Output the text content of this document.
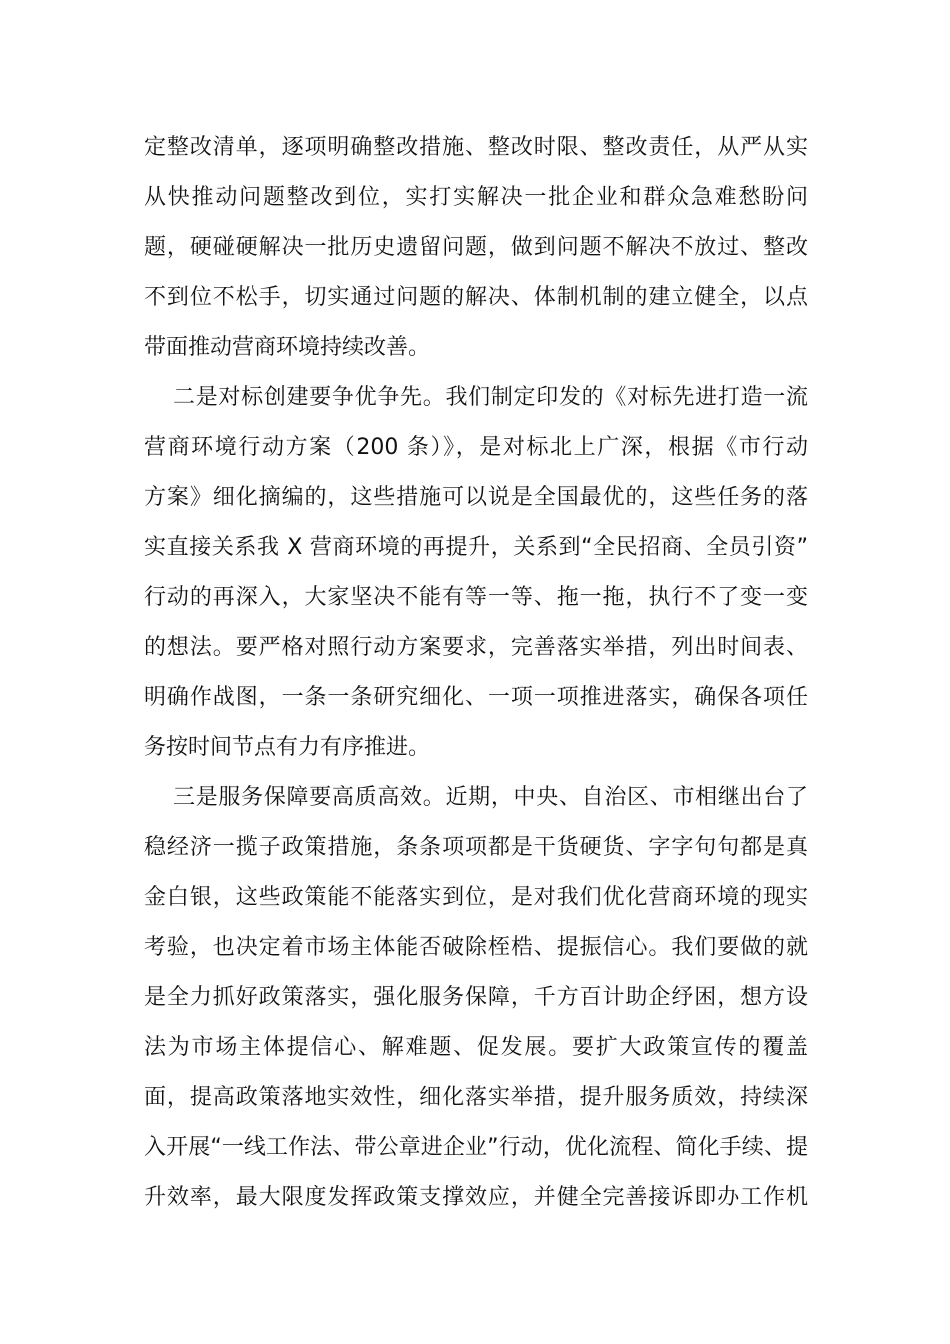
定整改清单，逐项明确整改措施、整改时限、整改责任，从严从实
从快推动问题整改到位，实打实解决一批企业和群众急难愁盼问
题，硬碰硬解决一批历史遗留问题，做到问题不解决不放过、整改
不到位不松手，切实通过问题的解决、体制机制的建立健全，以点
带面推动营商环境持续改善。
二是对标创建要争优争先。我们制定印发的《对标先进打造一流
营商环境行动方案（200 条）》，是对标北上广深，根据《市行动
方案》细化摘编的，这些措施可以说是全国最优的，这些任务的落
实直接关系我 X 营商环境的再提升，关系到“全民招商、全员引资”
行动的再深入，大家坚决不能有等一等、拖一拖，执行不了变一变
的想法。要严格对照行动方案要求，完善落实举措，列出时间表、
明确作战图，一条一条研究细化、一项一项推进落实，确保各项任
务按时间节点有力有序推进。
三是服务保障要高质高效。近期，中央、自治区、市相继出台了
稳经济一揽子政策措施，条条项项都是干货硬货、字字句句都是真
金白银，这些政策能不能落实到位，是对我们优化营商环境的现实
考验，也决定着市场主体能否破除桎梏、提振信心。我们要做的就
是全力抓好政策落实，强化服务保障，千方百计助企纾困，想方设
法为市场主体提信心、解难题、促发展。要扩大政策宣传的覆盖
面，提高政策落地实效性，细化落实举措，提升服务质效，持续深
入开展“一线工作法、带公章进企业”行动，优化流程、简化手续、提
升效率，最大限度发挥政策支撑效应，并健全完善接诉即办工作机
